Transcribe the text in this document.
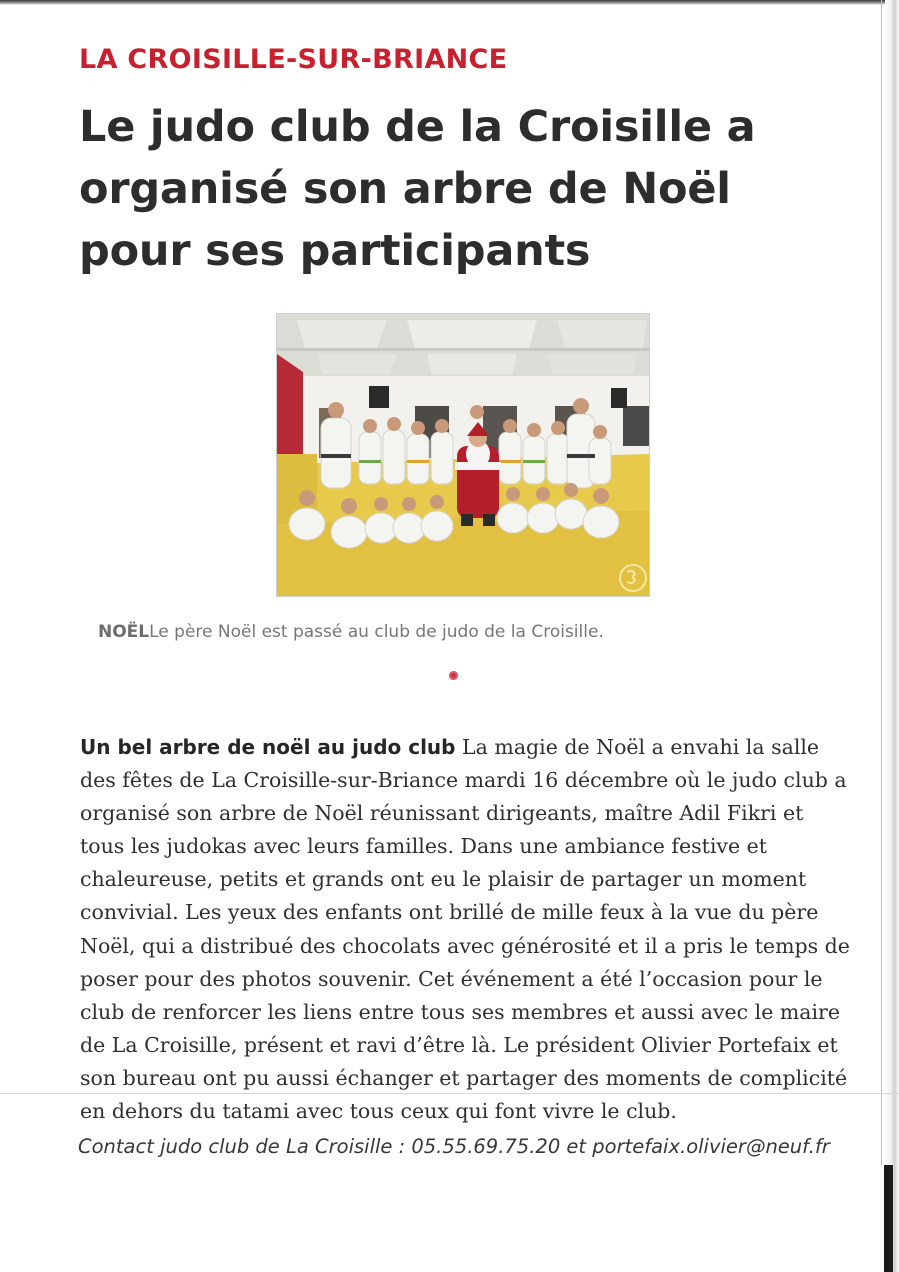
LA CROISILLE-SUR-BRIANCE
Le judo club de la Croisille a organisé son arbre de Noël pour ses participants
NOËLLe père Noël est passé au club de judo de la Croisille.

Un bel arbre de noël au judo club La magie de Noël a envahi la salle des fêtes de La Croisille-sur-Briance mardi 16 décembre où le judo club a organisé son arbre de Noël réunissant dirigeants, maître Adil Fikri et tous les judokas avec leurs familles. Dans une ambiance festive et chaleureuse, petits et grands ont eu le plaisir de partager un moment convivial. Les yeux des enfants ont brillé de mille feux à la vue du père Noël, qui a distribué des chocolats avec générosité et il a pris le temps de poser pour des photos souvenir. Cet événement a été l’occasion pour le club de renforcer les liens entre tous ses membres et aussi avec le maire de La Croisille, présent et ravi d’être là. Le président Olivier Portefaix et son bureau ont pu aussi échanger et partager des moments de complicité en dehors du tatami avec tous ceux qui font vivre le club.

Contact judo club de La Croisille : 05.55.69.75.20 et portefaix.olivier@neuf.fr
